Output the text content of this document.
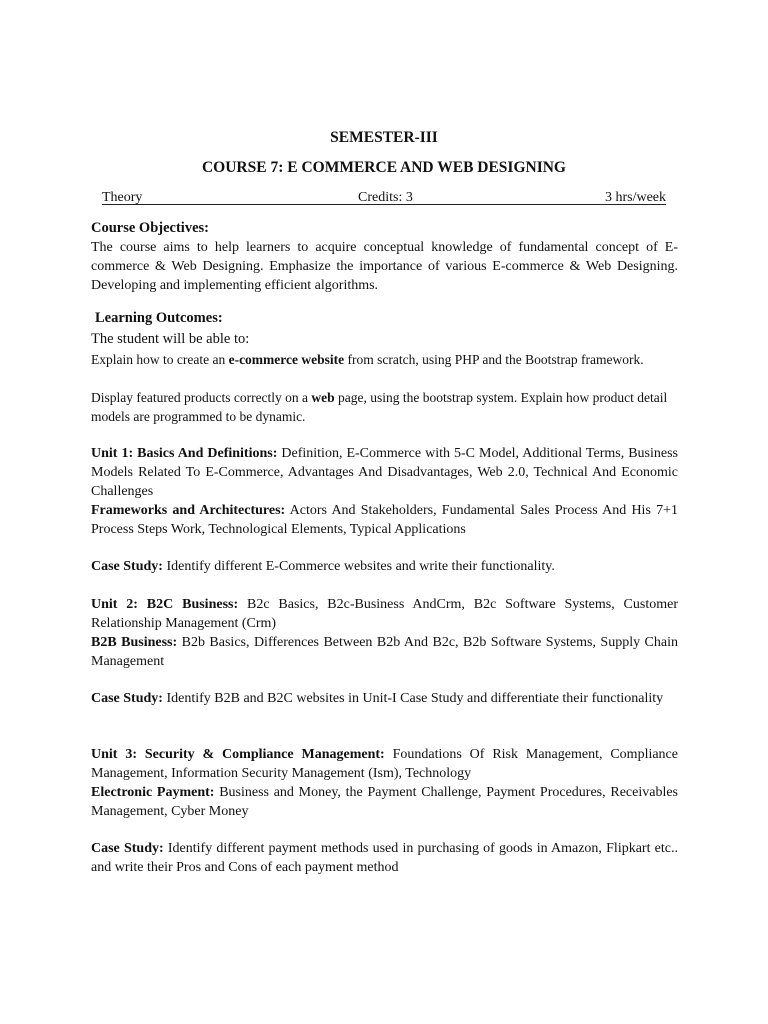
SEMESTER-III

COURSE 7: E COMMERCE AND WEB DESIGNING

Theory	Credits: 3	3 hrs/week

Course Objectives:

The course aims to help learners to acquire conceptual knowledge of fundamental concept of E-commerce & Web Designing. Emphasize the importance of various E-commerce & Web Designing. Developing and implementing efficient algorithms.

Learning Outcomes:

The student will be able to:

Explain how to create an e-commerce website from scratch, using PHP and the Bootstrap framework.

Display featured products correctly on a web page, using the bootstrap system. Explain how product detail models are programmed to be dynamic.

Unit 1: Basics And Definitions: Definition, E-Commerce with 5-C Model, Additional Terms, Business Models Related To E-Commerce, Advantages And Disadvantages, Web 2.0, Technical And Economic Challenges

Frameworks and Architectures: Actors And Stakeholders, Fundamental Sales Process And His 7+1 Process Steps Work, Technological Elements, Typical Applications

Case Study: Identify different E-Commerce websites and write their functionality.

Unit 2: B2C Business: B2c Basics, B2c-Business AndCrm, B2c Software Systems, Customer Relationship Management (Crm)

B2B Business: B2b Basics, Differences Between B2b And B2c, B2b Software Systems, Supply Chain Management

Case Study: Identify B2B and B2C websites in Unit-I Case Study and differentiate their functionality

Unit 3: Security & Compliance Management: Foundations Of Risk Management, Compliance Management, Information Security Management (Ism), Technology

Electronic Payment: Business and Money, the Payment Challenge, Payment Procedures, Receivables Management, Cyber Money

Case Study: Identify different payment methods used in purchasing of goods in Amazon, Flipkart etc.. and write their Pros and Cons of each payment method
